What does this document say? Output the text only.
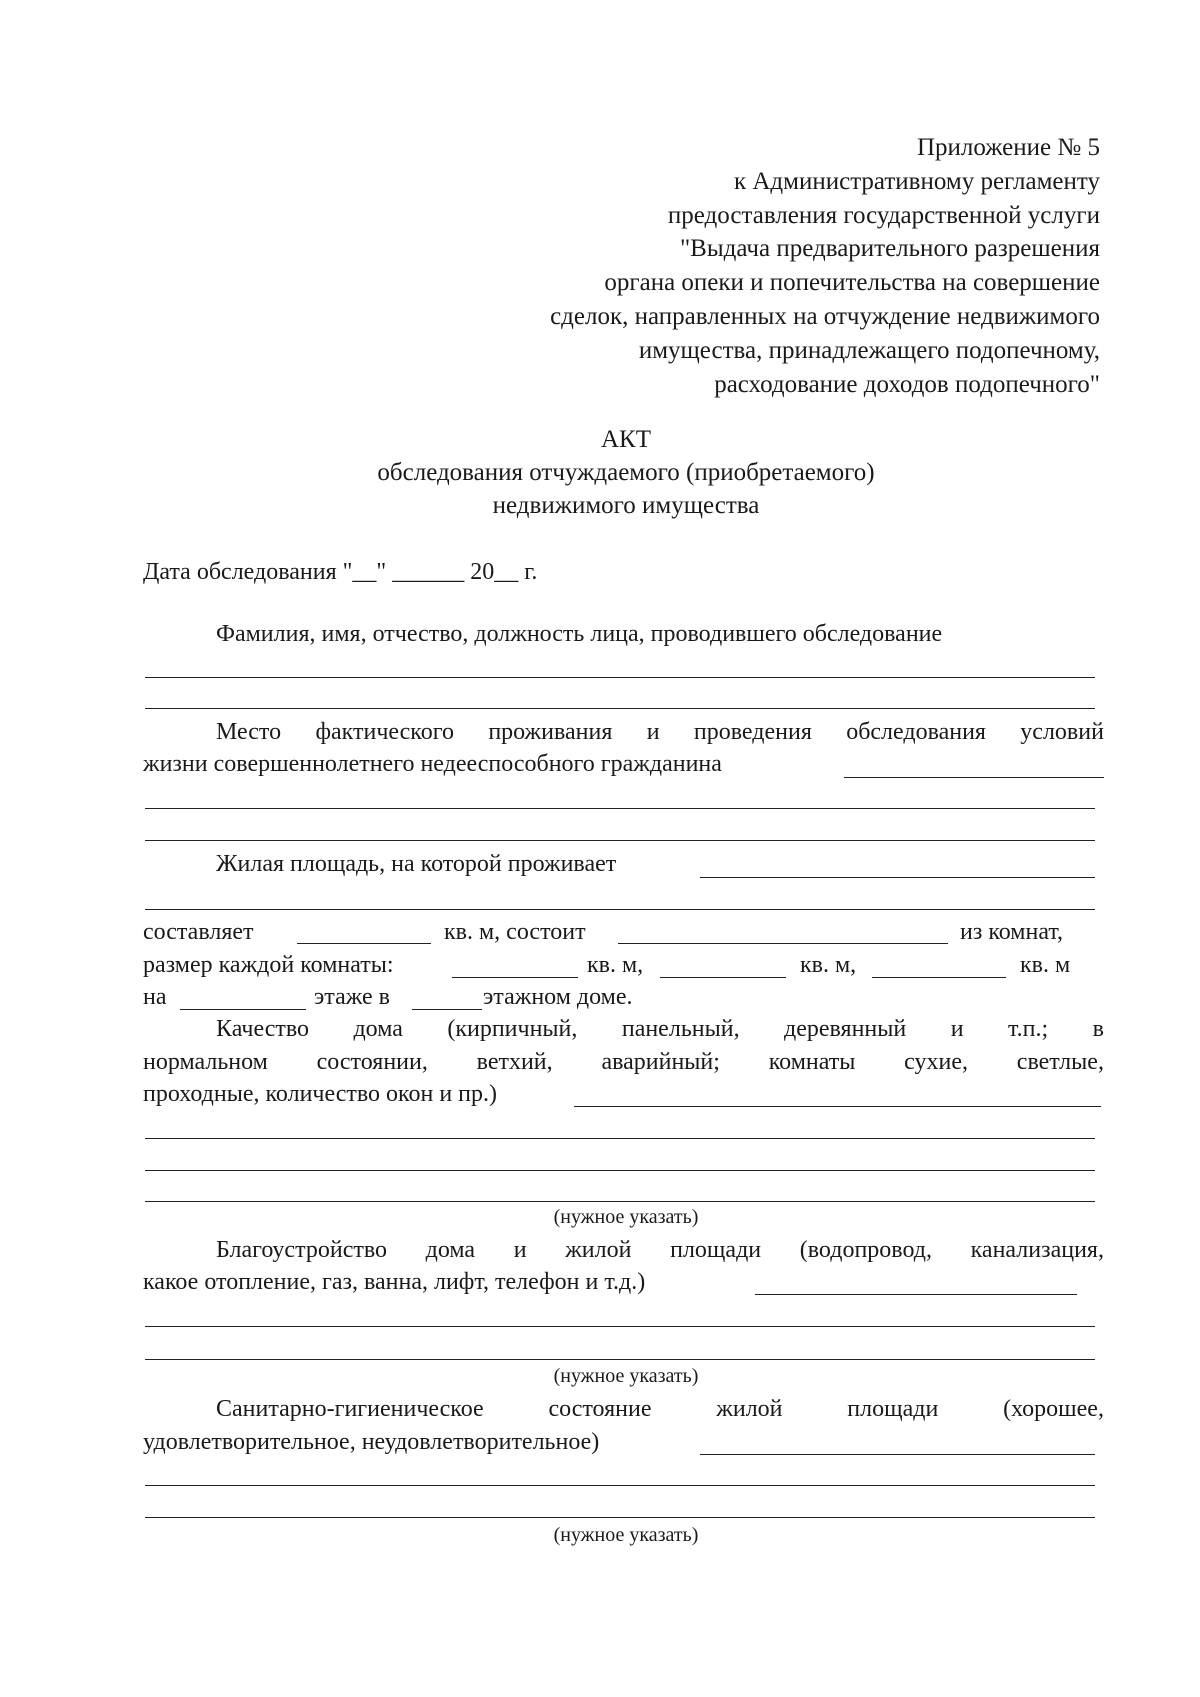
Приложение № 5
к Административному регламенту
предоставления государственной услуги
"Выдача предварительного разрешения
органа опеки и попечительства на совершение
сделок, направленных на отчуждение недвижимого
имущества, принадлежащего подопечному,
расходование доходов подопечного"
АКТ
обследования отчуждаемого (приобретаемого)
недвижимого имущества
Дата обследования "__" ______ 20__ г.
Фамилия, имя, отчество, должность лица, проводившего обследование
Место фактического проживания и проведения обследования условий
жизни совершеннолетнего недееспособного гражданина
Жилая площадь, на которой проживает
составляет	кв. м, состоит	из комнат,
размер каждой комнаты:	кв. м,	кв. м,	кв. м
на	этаже в	этажном доме.
Качество дома (кирпичный, панельный, деревянный и т.п.; в
нормальном состоянии, ветхий, аварийный; комнаты сухие, светлые,
проходные, количество окон и пр.)
(нужное указать)
Благоустройство дома и жилой площади (водопровод, канализация,
какое отопление, газ, ванна, лифт, телефон и т.д.)
(нужное указать)
Санитарно-гигиеническое	состояние	жилой	площади	(хорошее,
удовлетворительное, неудовлетворительное)
(нужное указать)
